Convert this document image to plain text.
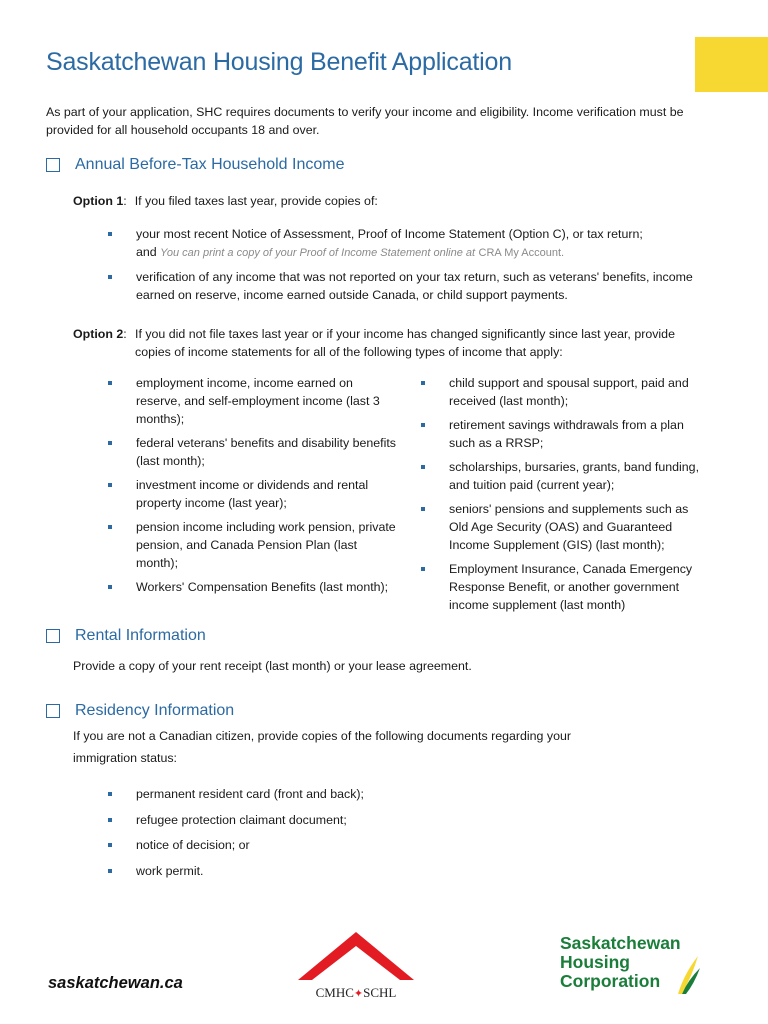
Saskatchewan Housing Benefit Application
As part of your application, SHC requires documents to verify your income and eligibility. Income verification must be provided for all household occupants 18 and over.
Annual Before-Tax Household Income
Option 1: If you filed taxes last year, provide copies of:
your most recent Notice of Assessment, Proof of Income Statement (Option C), or tax return;
and You can print a copy of your Proof of Income Statement online at CRA My Account.
verification of any income that was not reported on your tax return, such as veterans' benefits, income earned on reserve, income earned outside Canada, or child support payments.
Option 2: If you did not file taxes last year or if your income has changed significantly since last year, provide copies of income statements for all of the following types of income that apply:
employment income, income earned on reserve, and self-employment income (last 3 months);
federal veterans' benefits and disability benefits (last month);
investment income or dividends and rental property income (last year);
pension income including work pension, private pension, and Canada Pension Plan (last month);
Workers' Compensation Benefits (last month);
child support and spousal support, paid and received (last month);
retirement savings withdrawals from a plan such as a RRSP;
scholarships, bursaries, grants, band funding, and tuition paid (current year);
seniors' pensions and supplements such as Old Age Security (OAS) and Guaranteed Income Supplement (GIS) (last month);
Employment Insurance, Canada Emergency Response Benefit, or another government income supplement (last month)
Rental Information
Provide a copy of your rent receipt (last month) or your lease agreement.
Residency Information
If you are not a Canadian citizen, provide copies of the following documents regarding your immigration status:
permanent resident card (front and back);
refugee protection claimant document;
notice of decision; or
work permit.
saskatchewan.ca
CMHC✦SCHL
Saskatchewan
Housing
Corporation
